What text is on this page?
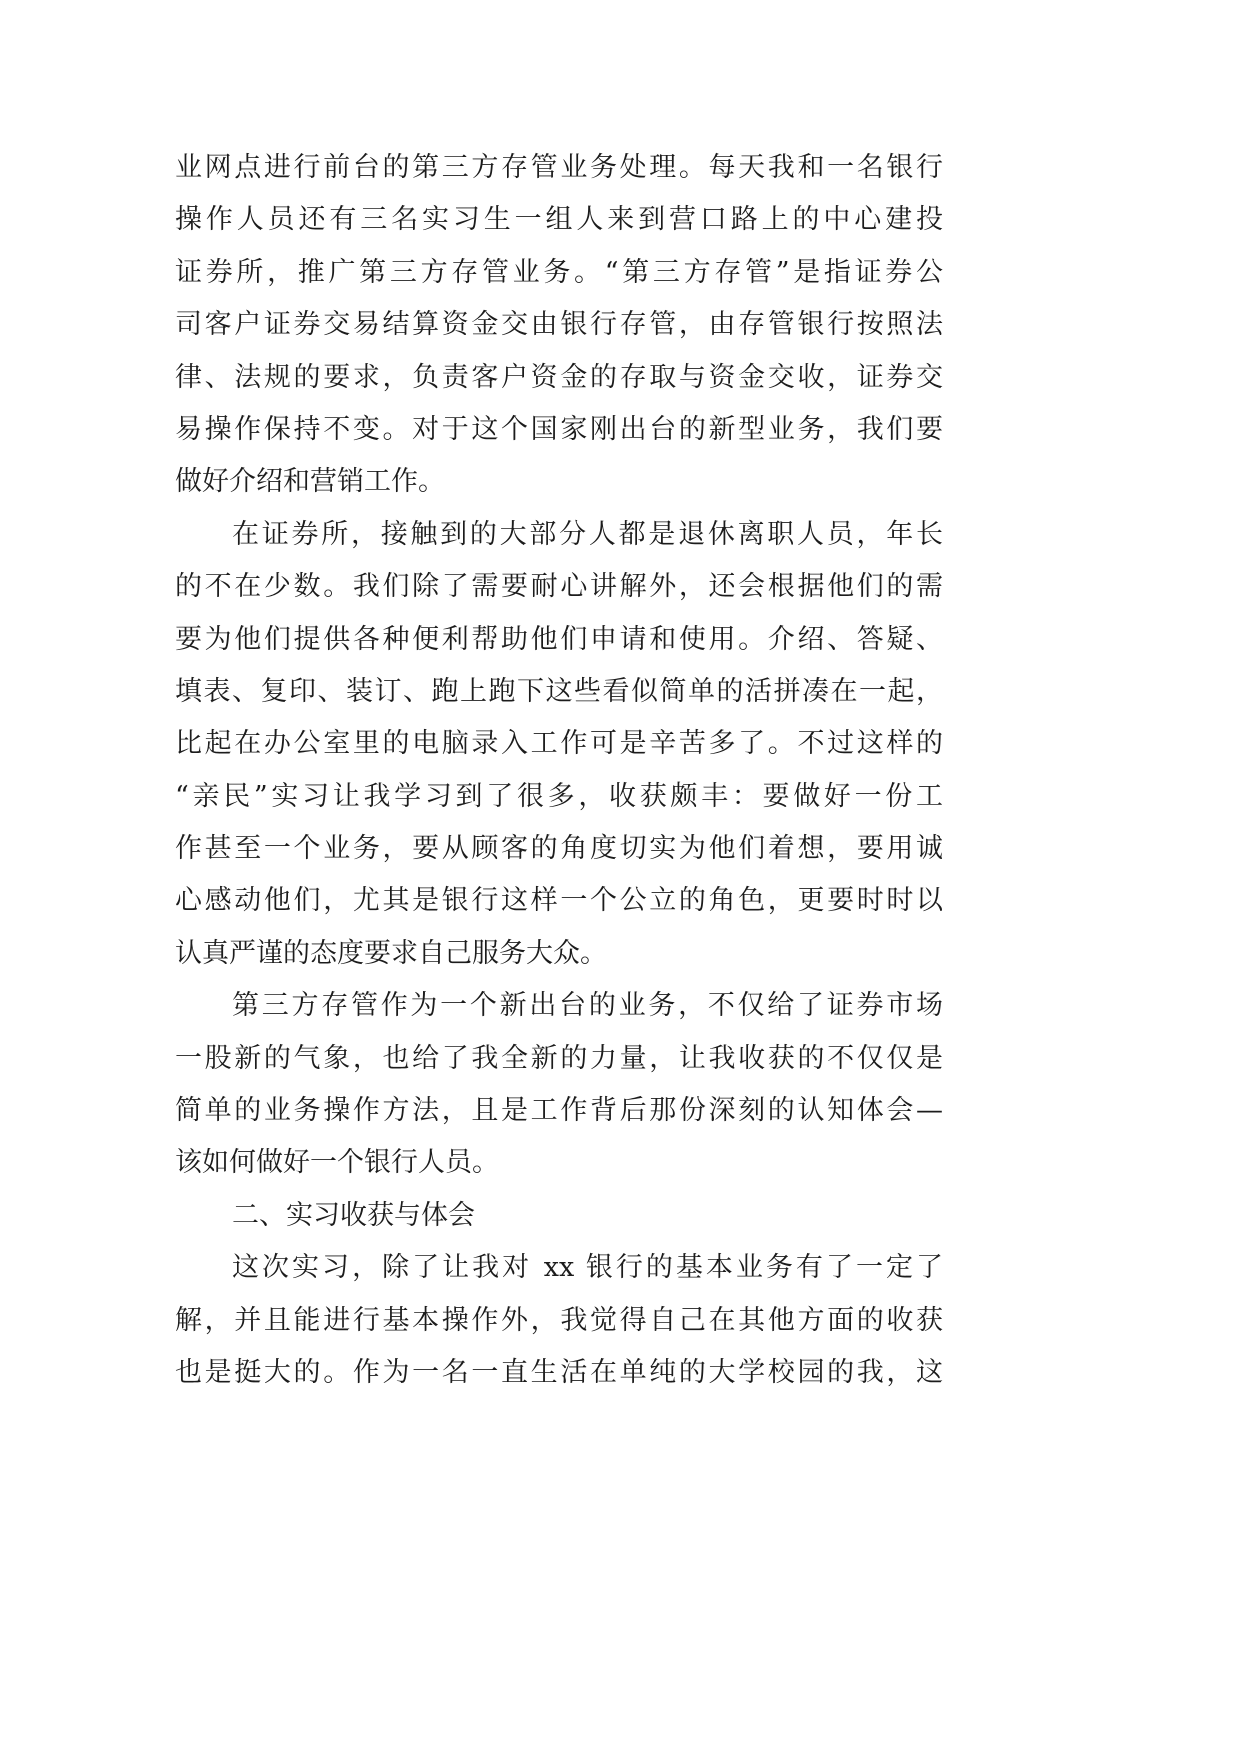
业网点进行前台的第三方存管业务处理。每天我和一名银行
操作人员还有三名实习生一组人来到营口路上的中心建投
证券所，推广第三方存管业务。“第三方存管”是指证券公
司客户证券交易结算资金交由银行存管，由存管银行按照法
律、法规的要求，负责客户资金的存取与资金交收，证券交
易操作保持不变。对于这个国家刚出台的新型业务，我们要
做好介绍和营销工作。
在证券所，接触到的大部分人都是退休离职人员，年长
的不在少数。我们除了需要耐心讲解外，还会根据他们的需
要为他们提供各种便利帮助他们申请和使用。介绍、答疑、
填表、复印、装订、跑上跑下这些看似简单的活拼凑在一起，
比起在办公室里的电脑录入工作可是辛苦多了。不过这样的
“亲民”实习让我学习到了很多，收获颇丰：要做好一份工
作甚至一个业务，要从顾客的角度切实为他们着想，要用诚
心感动他们，尤其是银行这样一个公立的角色，更要时时以
认真严谨的态度要求自己服务大众。
第三方存管作为一个新出台的业务，不仅给了证券市场
一股新的气象，也给了我全新的力量，让我收获的不仅仅是
简单的业务操作方法，且是工作背后那份深刻的认知体会—
该如何做好一个银行人员。
二、实习收获与体会
这次实习，除了让我对 xx 银行的基本业务有了一定了
解，并且能进行基本操作外，我觉得自己在其他方面的收获
也是挺大的。作为一名一直生活在单纯的大学校园的我，这
